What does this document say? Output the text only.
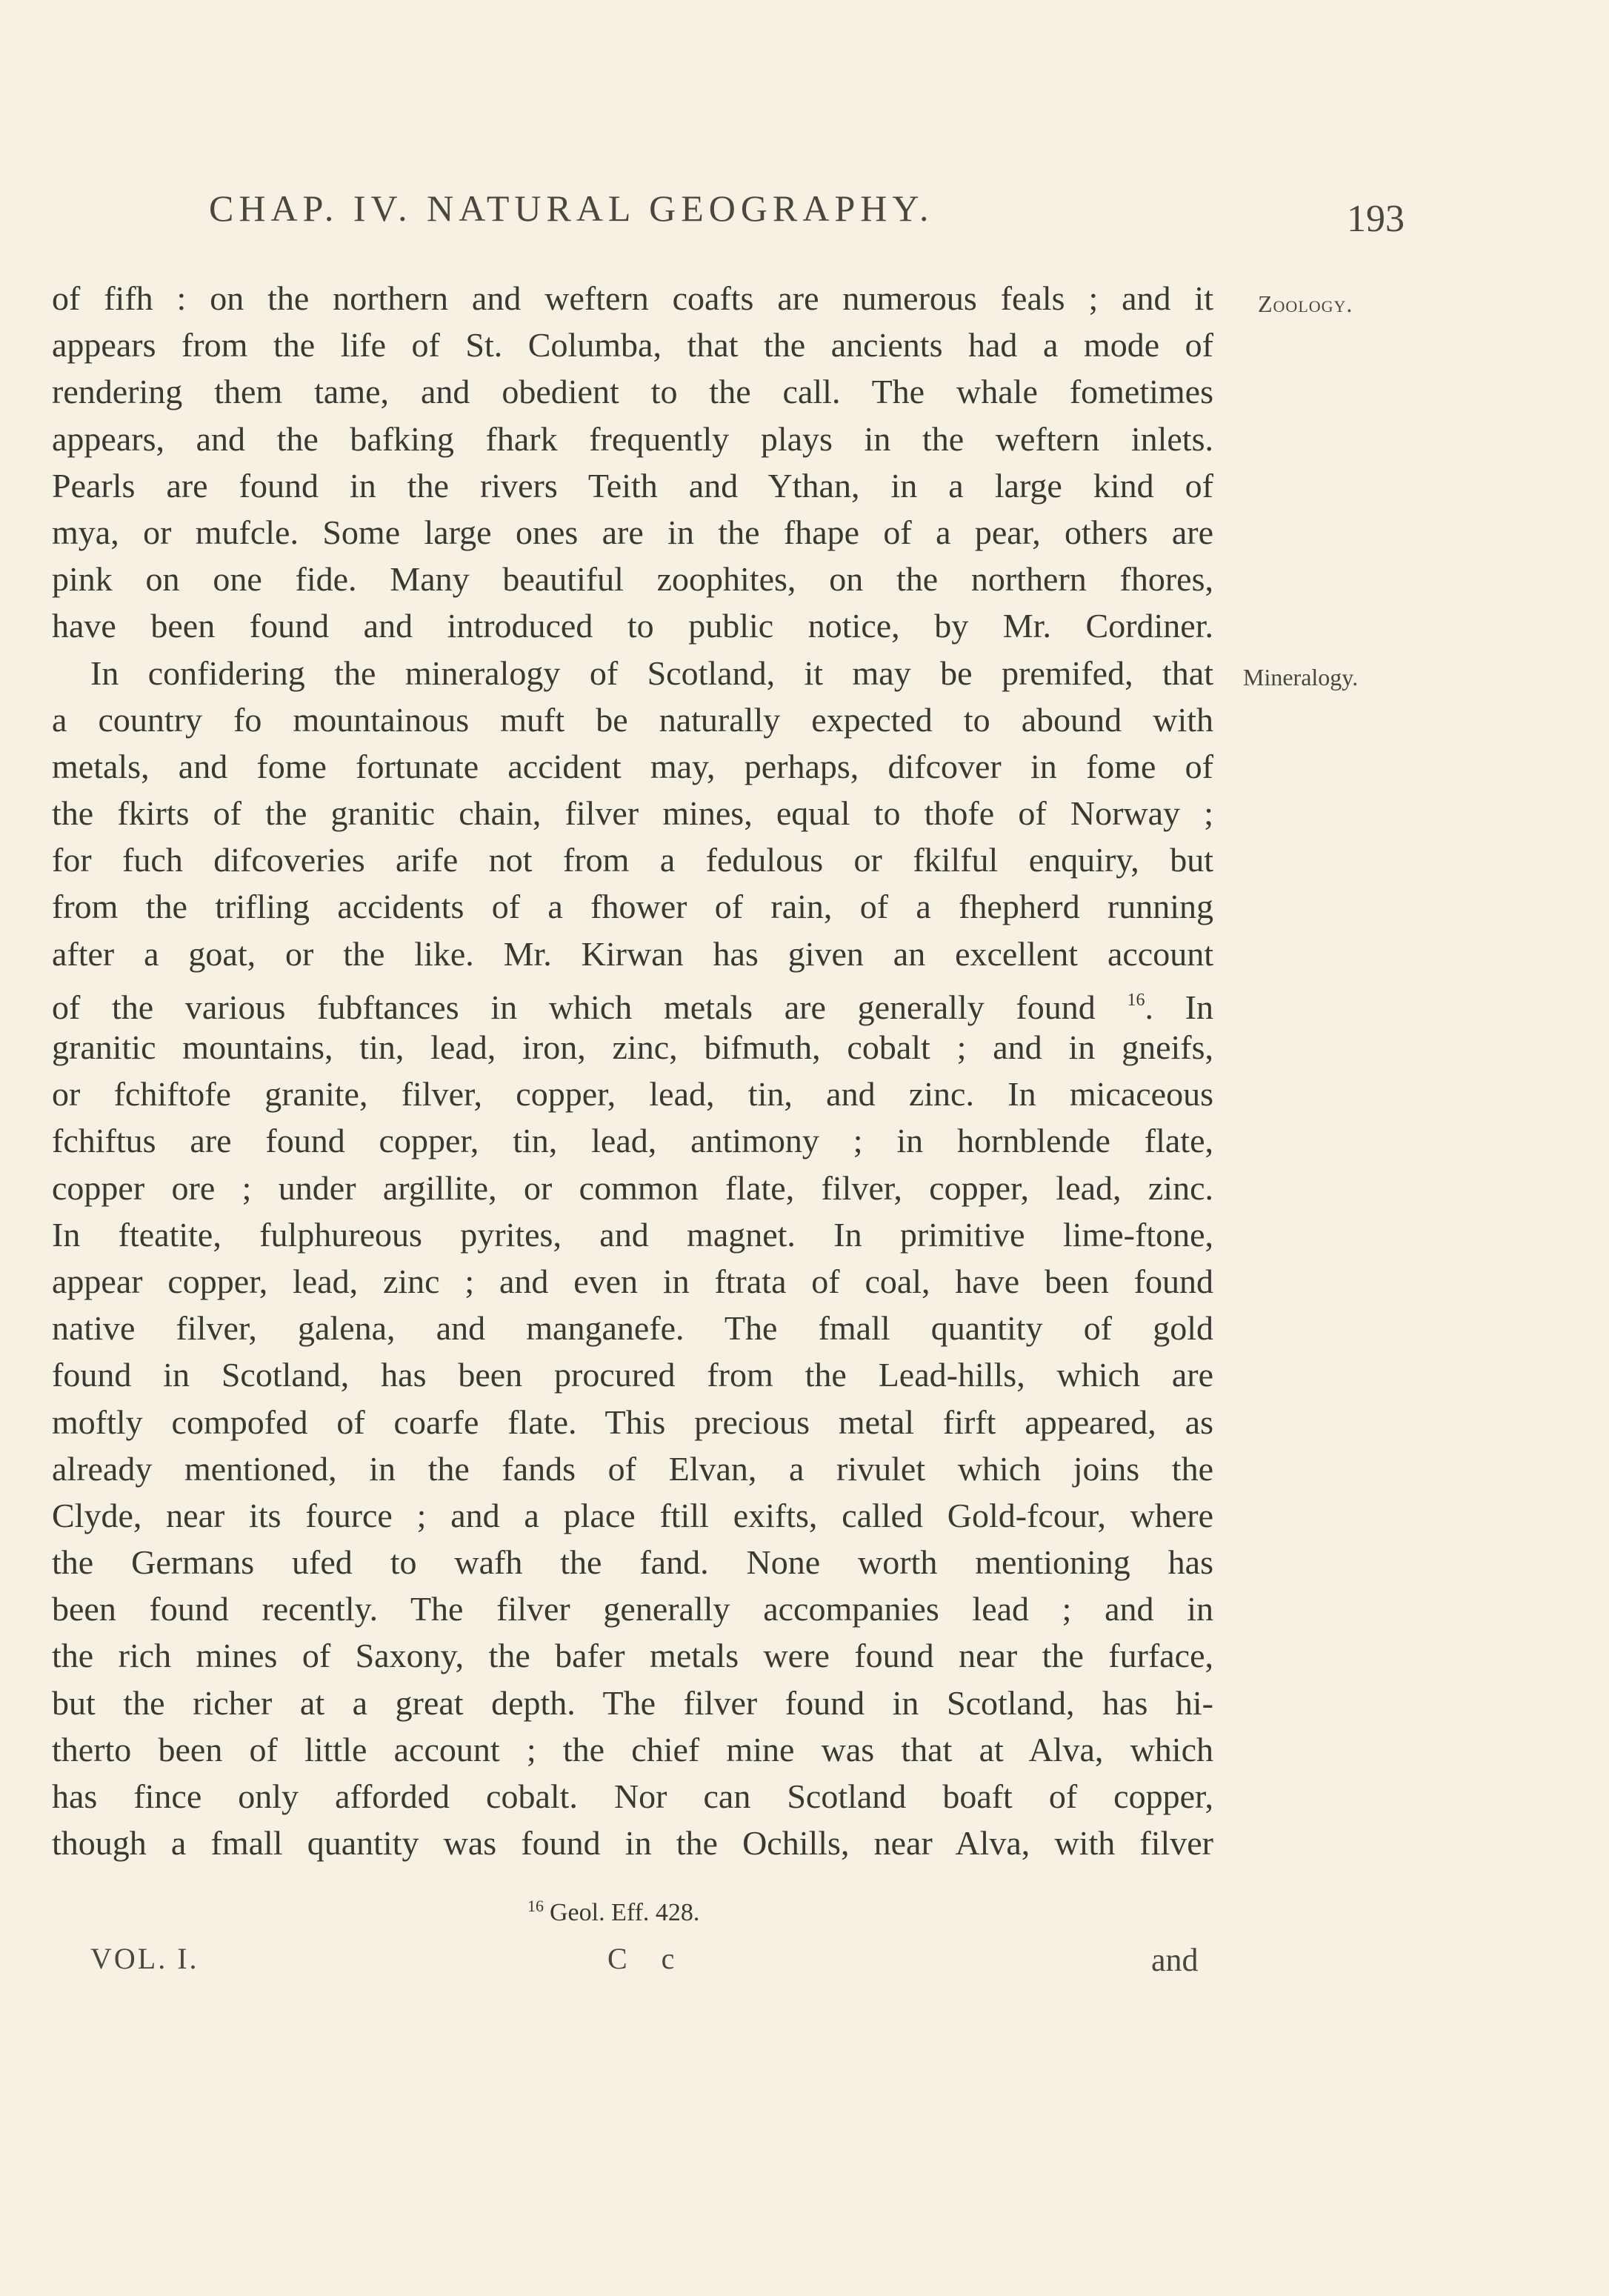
CHAP. IV. NATURAL GEOGRAPHY.	193
Zoology.
Mineralogy.
of fifh : on the northern and weftern coafts are numerous feals ; and it
appears from the life of St. Columba, that the ancients had a mode of
rendering them tame, and obedient to the call. The whale fometimes
appears, and the bafking fhark frequently plays in the weftern inlets.
Pearls are found in the rivers Teith and Ythan, in a large kind of
mya, or mufcle. Some large ones are in the fhape of a pear, others are
pink on one fide. Many beautiful zoophites, on the northern fhores,
have been found and introduced to public notice, by Mr. Cordiner.
In confidering the mineralogy of Scotland, it may be premifed, that
a country fo mountainous muft be naturally expected to abound with
metals, and fome fortunate accident may, perhaps, difcover in fome of
the fkirts of the granitic chain, filver mines, equal to thofe of Norway ;
for fuch difcoveries arife not from a fedulous or fkilful enquiry, but
from the trifling accidents of a fhower of rain, of a fhepherd running
after a goat, or the like. Mr. Kirwan has given an excellent account
of the various fubftances in which metals are generally found $^{16}$. In
granitic mountains, tin, lead, iron, zinc, bifmuth, cobalt ; and in gneifs,
or fchiftofe granite, filver, copper, lead, tin, and zinc. In micaceous
fchiftus are found copper, tin, lead, antimony ; in hornblende flate,
copper ore ; under argillite, or common flate, filver, copper, lead, zinc.
In fteatite, fulphureous pyrites, and magnet. In primitive lime-ftone,
appear copper, lead, zinc ; and even in ftrata of coal, have been found
native filver, galena, and manganefe. The fmall quantity of gold
found in Scotland, has been procured from the Lead-hills, which are
moftly compofed of coarfe flate. This precious metal firft appeared, as
already mentioned, in the fands of Elvan, a rivulet which joins the
Clyde, near its fource ; and a place ftill exifts, called Gold-fcour, where
the Germans ufed to wafh the fand. None worth mentioning has
been found recently. The filver generally accompanies lead ; and in
the rich mines of Saxony, the bafer metals were found near the furface,
but the richer at a great depth. The filver found in Scotland, has hi-
therto been of little account ; the chief mine was that at Alva, which
has fince only afforded cobalt. Nor can Scotland boaft of copper,
though a fmall quantity was found in the Ochills, near Alva, with filver
$^{16}$ Geol. Eff. 428.
VOL. I.	C c	and
